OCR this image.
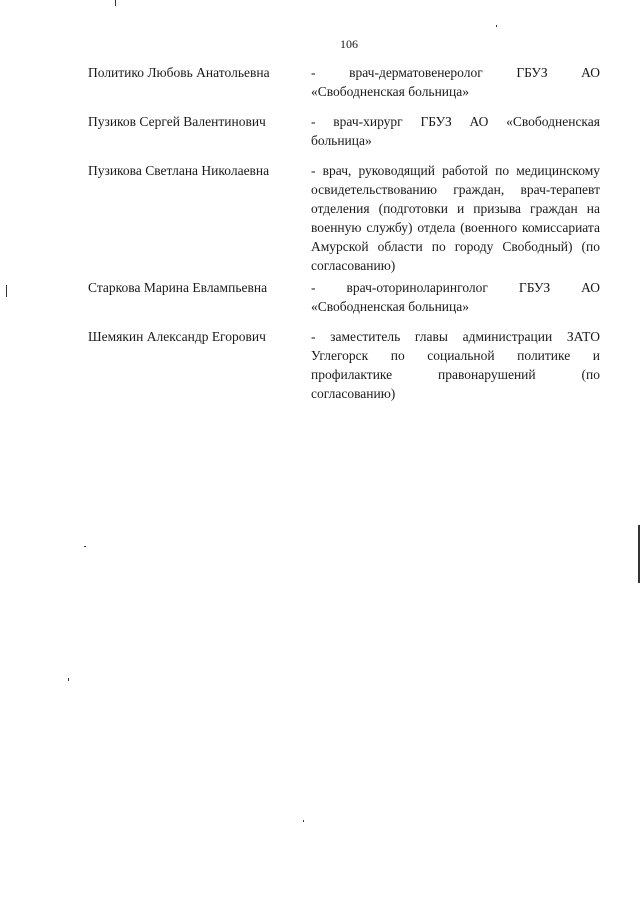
106
Политико Любовь Анатольевна	- врач-дерматовенеролог ГБУЗ АО «Свободненская больница»
Пузиков Сергей Валентинович	- врач-хирург ГБУЗ АО «Свободненская больница»
Пузикова Светлана Николаевна	- врач, руководящий работой по медицинскому освидетельствованию граждан, врач-терапевт отделения (подготовки и призыва граждан на военную службу) отдела (военного комиссариата Амурской области по городу Свободный) (по согласованию)
Старкова Марина Евлампьевна	- врач-оториноларинголог ГБУЗ АО «Свободненская больница»
Шемякин Александр Егорович	- заместитель главы администрации ЗАТО Углегорск по социальной политике и профилактике правонарушений (по согласованию)
